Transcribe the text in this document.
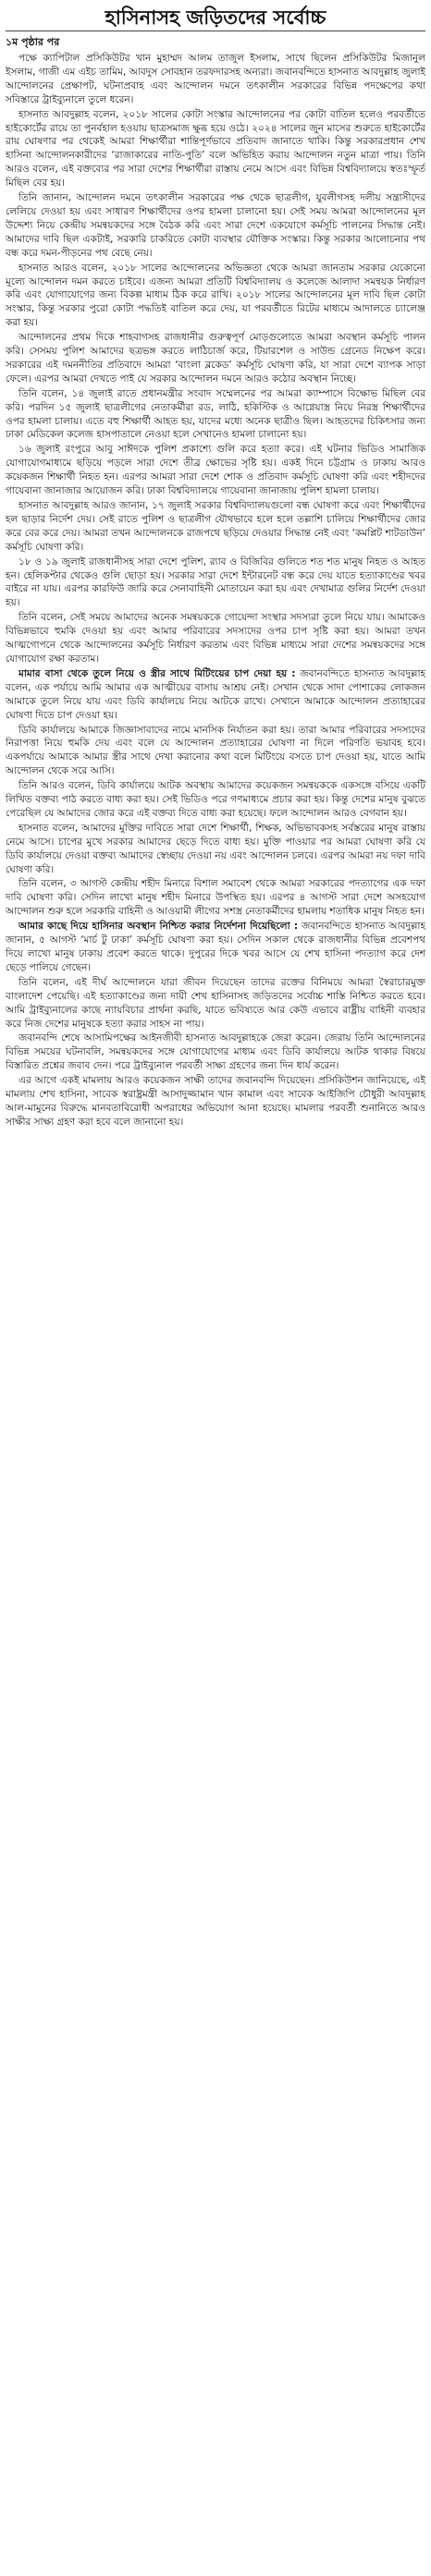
হাসিনাসহ জড়িতদের সর্বোচ্চ
১ম পৃষ্ঠার পর

পক্ষে ক্যাপিটাল প্রসিকিউটর খান মুহাম্মদ আলম তাজুল ইসলাম, সাথে ছিলেন প্রসিকিউটর মিজানুল ইসলাম, গাজী এম এইচ তামিম, আবদুস সোবহান তরফদারসহ অন্যরা। জবানবন্দিতে হাসনাত আবদুল্লাহ জুলাই আন্দোলনের প্রেক্ষাপট, ঘটনাপ্রবাহ এবং আন্দোলন দমনে তৎকালীন সরকারের বিভিন্ন পদক্ষেপের কথা সবিস্তারে ট্রাইব্যুনালে তুলে ধরেন।

হাসনাত আবদুল্লাহ বলেন, ২০১৮ সালের কোটা সংস্কার আন্দোলনের পর কোটা বাতিল হলেও পরবর্তীতে হাইকোর্টের রায়ে তা পুনর্বহাল হওয়ায় ছাত্রসমাজ ক্ষুব্ধ হয়ে ওঠে। ২০২৪ সালের জুন মাসের শুরুতে হাইকোর্টের রায় ঘোষণার পর থেকেই আমরা শিক্ষার্থীরা শান্তিপূর্ণভাবে প্রতিবাদ জানাতে থাকি। কিন্তু সরকারপ্রধান শেখ হাসিনা আন্দোলনকারীদের ‘রাজাকারের নাতি-পুতি’ বলে অভিহিত করায় আন্দোলন নতুন মাত্রা পায়। তিনি আরও বলেন, এই বক্তব্যের পর সারা দেশের শিক্ষার্থীরা রাস্তায় নেমে আসে এবং বিভিন্ন বিশ্ববিদ্যালয়ে স্বতঃস্ফূর্ত মিছিল বের হয়।

তিনি জানান, আন্দোলন দমনে তৎকালীন সরকারের পক্ষ থেকে ছাত্রলীগ, যুবলীগসহ দলীয় সন্ত্রাসীদের লেলিয়ে দেওয়া হয় এবং সাধারণ শিক্ষার্থীদের ওপর হামলা চালানো হয়। সেই সময় আমরা আন্দোলনের মূল উদ্দেশ্য নিয়ে কেন্দ্রীয় সমন্বয়কদের সঙ্গে বৈঠক করি এবং সারা দেশে একযোগে কর্মসূচি পালনের সিদ্ধান্ত নেই। আমাদের দাবি ছিল একটাই, সরকারি চাকরিতে কোটা ব্যবস্থার যৌক্তিক সংস্কার। কিন্তু সরকার আলোচনার পথ বন্ধ করে দমন-পীড়নের পথ বেছে নেয়।

হাসনাত আরও বলেন, ২০১৮ সালের আন্দোলনের অভিজ্ঞতা থেকে আমরা জানতাম সরকার যেকোনো মূল্যে আন্দোলন দমন করতে চাইবে। এজন্য আমরা প্রতিটি বিশ্ববিদ্যালয় ও কলেজে আলাদা সমন্বয়ক নির্ধারণ করি এবং যোগাযোগের জন্য বিকল্প মাধ্যম ঠিক করে রাখি। ২০১৮ সালের আন্দোলনের মূল দাবি ছিল কোটা সংস্কার, কিন্তু সরকার পুরো কোটা পদ্ধতিই বাতিল করে দেয়, যা পরবর্তীতে রিটের মাধ্যমে আদালতে চ্যালেঞ্জ করা হয়।

আন্দোলনের প্রথম দিকে শাহবাগসহ রাজধানীর গুরুত্বপূর্ণ মোড়গুলোতে আমরা অবস্থান কর্মসূচি পালন করি। সেসময় পুলিশ আমাদের ছত্রভঙ্গ করতে লাঠিচার্জ করে, টিয়ারশেল ও সাউন্ড গ্রেনেড নিক্ষেপ করে। সরকারের এই দমননীতির প্রতিবাদে আমরা ‘বাংলা ব্লকেড’ কর্মসূচি ঘোষণা করি, যা সারা দেশে ব্যাপক সাড়া ফেলে। এরপর আমরা দেখতে পাই যে সরকার আন্দোলন দমনে আরও কঠোর অবস্থান নিচ্ছে।

তিনি বলেন, ১৪ জুলাই রাতে প্রধানমন্ত্রীর সংবাদ সম্মেলনের পর আমরা ক্যাম্পাসে বিক্ষোভ মিছিল বের করি। পরদিন ১৫ জুলাই ছাত্রলীগের নেতাকর্মীরা রড, লাঠি, হকিস্টিক ও আগ্নেয়াস্ত্র নিয়ে নিরস্ত্র শিক্ষার্থীদের ওপর হামলা চালায়। এতে বহু শিক্ষার্থী আহত হয়, যাদের মধ্যে অনেক ছাত্রীও ছিল। আহতদের চিকিৎসার জন্য ঢাকা মেডিকেল কলেজ হাসপাতালে নেওয়া হলে সেখানেও হামলা চালানো হয়।

১৬ জুলাই রংপুরে আবু সাঈদকে পুলিশ প্রকাশ্যে গুলি করে হত্যা করে। এই ঘটনার ভিডিও সামাজিক যোগাযোগমাধ্যমে ছড়িয়ে পড়লে সারা দেশে তীব্র ক্ষোভের সৃষ্টি হয়। একই দিনে চট্টগ্রাম ও ঢাকায় আরও কয়েকজন শিক্ষার্থী নিহত হন। এরপর আমরা সারা দেশে শোক ও প্রতিবাদ কর্মসূচি ঘোষণা করি এবং শহীদদের গায়েবানা জানাজার আয়োজন করি। ঢাকা বিশ্ববিদ্যালয়ে গায়েবানা জানাজায় পুলিশ হামলা চালায়।

হাসনাত আবদুল্লাহ আরও জানান, ১৭ জুলাই সরকার বিশ্ববিদ্যালয়গুলো বন্ধ ঘোষণা করে এবং শিক্ষার্থীদের হল ছাড়ার নির্দেশ দেয়। সেই রাতে পুলিশ ও ছাত্রলীগ যৌথভাবে হলে হলে তল্লাশি চালিয়ে শিক্ষার্থীদের জোর করে বের করে দেয়। আমরা তখন আন্দোলনকে রাজপথে ছড়িয়ে দেওয়ার সিদ্ধান্ত নেই এবং ‘কমপ্লিট শাটডাউন’ কর্মসূচি ঘোষণা করি।

১৮ ও ১৯ জুলাই রাজধানীসহ সারা দেশে পুলিশ, র‍্যাব ও বিজিবির গুলিতে শত শত মানুষ নিহত ও আহত হন। হেলিকপ্টার থেকেও গুলি ছোড়া হয়। সরকার সারা দেশে ইন্টারনেট বন্ধ করে দেয় যাতে হত্যাকাণ্ডের খবর বাইরে না যায়। এরপর কারফিউ জারি করে সেনাবাহিনী মোতায়েন করা হয় এবং দেখামাত্র গুলির নির্দেশ দেওয়া হয়।

তিনি বলেন, সেই সময়ে আমাদের অনেক সমন্বয়ককে গোয়েন্দা সংস্থার সদস্যরা তুলে নিয়ে যায়। আমাকেও বিভিন্নভাবে হুমকি দেওয়া হয় এবং আমার পরিবারের সদস্যদের ওপর চাপ সৃষ্টি করা হয়। আমরা তখন আত্মগোপনে থেকে আন্দোলনের কর্মসূচি নির্ধারণ করতাম এবং বিভিন্ন মাধ্যমে সারা দেশের সমন্বয়কদের সঙ্গে যোগাযোগ রক্ষা করতাম।

মামার বাসা থেকে তুলে নিয়ে ও স্ত্রীর সাথে মিটিংয়ের চাপ দেয়া হয় : জবানবন্দিতে হাসনাত আবদুল্লাহ বলেন, এক পর্যায়ে আমি আমার এক আত্মীয়ের বাসায় আশ্রয় নেই। সেখান থেকে সাদা পোশাকের লোকজন আমাকে তুলে নিয়ে যায় এবং ডিবি কার্যালয়ে নিয়ে আটকে রাখে। সেখানে আমাকে আন্দোলন প্রত্যাহারের ঘোষণা দিতে চাপ দেওয়া হয়।

ডিবি কার্যালয়ে আমাকে জিজ্ঞাসাবাদের নামে মানসিক নির্যাতন করা হয়। তারা আমার পরিবারের সদস্যদের নিরাপত্তা নিয়ে হুমকি দেয় এবং বলে যে আন্দোলন প্রত্যাহারের ঘোষণা না দিলে পরিণতি ভয়াবহ হবে। একপর্যায়ে আমাকে আমার স্ত্রীর সাথে দেখা করানোর কথা বলে মিটিংয়ে বসতে চাপ দেওয়া হয়, যাতে আমি আন্দোলন থেকে সরে আসি।

তিনি আরও বলেন, ডিবি কার্যালয়ে আটক অবস্থায় আমাদের কয়েকজন সমন্বয়ককে একসঙ্গে বসিয়ে একটি লিখিত বক্তব্য পাঠ করতে বাধ্য করা হয়। সেই ভিডিও পরে গণমাধ্যমে প্রচার করা হয়। কিন্তু দেশের মানুষ বুঝতে পেরেছিল যে আমাদের জোর করে এই বক্তব্য দিতে বাধ্য করা হয়েছে। ফলে আন্দোলন আরও বেগবান হয়।

হাসনাত বলেন, আমাদের মুক্তির দাবিতে সারা দেশে শিক্ষার্থী, শিক্ষক, অভিভাবকসহ সর্বস্তরের মানুষ রাস্তায় নেমে আসে। চাপের মুখে সরকার আমাদের ছেড়ে দিতে বাধ্য হয়। মুক্তি পাওয়ার পর আমরা ঘোষণা করি যে ডিবি কার্যালয়ে দেওয়া বক্তব্য আমাদের স্বেচ্ছায় দেওয়া নয় এবং আন্দোলন চলবে। এরপর আমরা নয় দফা দাবি ঘোষণা করি।

তিনি বলেন, ৩ আগস্ট কেন্দ্রীয় শহীদ মিনারে বিশাল সমাবেশ থেকে আমরা সরকারের পদত্যাগের এক দফা দাবি ঘোষণা করি। সেদিন লাখো মানুষ শহীদ মিনারে উপস্থিত হয়। এরপর ৪ আগস্ট সারা দেশে অসহযোগ আন্দোলন শুরু হলে সরকারি বাহিনী ও আওয়ামী লীগের সশস্ত্র নেতাকর্মীদের হামলায় শতাধিক মানুষ নিহত হন।

আমার কাছে দিয়ে হাসিনার অবস্থান নিশ্চিত করার নির্দেশনা দিয়েছিলো : জবানবন্দিতে হাসনাত আবদুল্লাহ জানান, ৫ আগস্ট ‘মার্চ টু ঢাকা’ কর্মসূচি ঘোষণা করা হয়। সেদিন সকাল থেকে রাজধানীর বিভিন্ন প্রবেশপথ দিয়ে লাখো মানুষ ঢাকায় প্রবেশ করতে থাকে। দুপুরের দিকে খবর আসে যে শেখ হাসিনা পদত্যাগ করে দেশ ছেড়ে পালিয়ে গেছেন।

তিনি বলেন, এই দীর্ঘ আন্দোলনে যারা জীবন দিয়েছেন তাদের রক্তের বিনিময়ে আমরা স্বৈরাচারমুক্ত বাংলাদেশ পেয়েছি। এই হত্যাকাণ্ডের জন্য দায়ী শেখ হাসিনাসহ জড়িতদের সর্বোচ্চ শাস্তি নিশ্চিত করতে হবে। আমি ট্রাইব্যুনালের কাছে ন্যায়বিচার প্রার্থনা করছি, যাতে ভবিষ্যতে আর কেউ এভাবে রাষ্ট্রীয় বাহিনী ব্যবহার করে নিজ দেশের মানুষকে হত্যা করার সাহস না পায়।

জবানবন্দি শেষে আসামিপক্ষের আইনজীবী হাসনাত আবদুল্লাহকে জেরা করেন। জেরায় তিনি আন্দোলনের বিভিন্ন সময়ের ঘটনাবলি, সমন্বয়কদের সঙ্গে যোগাযোগের মাধ্যম এবং ডিবি কার্যালয়ে আটক থাকার বিষয়ে বিস্তারিত প্রশ্নের জবাব দেন। পরে ট্রাইব্যুনাল পরবর্তী সাক্ষ্য গ্রহণের জন্য দিন ধার্য করেন।

এর আগে একই মামলায় আরও কয়েকজন সাক্ষী তাদের জবানবন্দি দিয়েছেন। প্রসিকিউশন জানিয়েছে, এই মামলায় শেখ হাসিনা, সাবেক স্বরাষ্ট্রমন্ত্রী আসাদুজ্জামান খান কামাল এবং সাবেক আইজিপি চৌধুরী আবদুল্লাহ আল-মামুনের বিরুদ্ধে মানবতাবিরোধী অপরাধের অভিযোগ আনা হয়েছে। মামলার পরবর্তী শুনানিতে আরও সাক্ষীর সাক্ষ্য গ্রহণ করা হবে বলে জানানো হয়।
